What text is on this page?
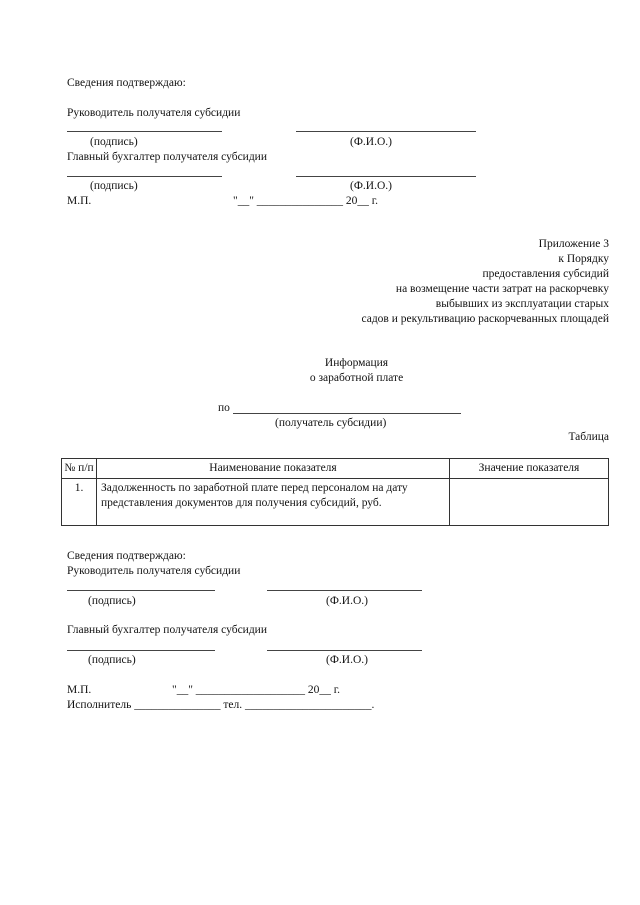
Сведения подтверждаю:
Руководитель получателя субсидии
(подпись)	(Ф.И.О.)
Главный бухгалтер получателя субсидии
(подпись)	(Ф.И.О.)
М.П.	"__" _______________ 20__ г.
Приложение 3
к Порядку
предоставления субсидий
на возмещение части затрат на раскорчевку
выбывших из эксплуатации старых
садов и рекультивацию раскорчеванных площадей
Информация
о заработной плате
по
(получатель субсидии)
Таблица
№ п/п	Наименование показателя	Значение показателя
1.	Задолженность по заработной плате перед персоналом на дату представления документов для получения субсидий, руб.	
Сведения подтверждаю:
Руководитель получателя субсидии
(подпись)	(Ф.И.О.)
Главный бухгалтер получателя субсидии
(подпись)	(Ф.И.О.)
М.П.	"__" ___________________ 20__ г.
Исполнитель _______________ тел. ______________________.
